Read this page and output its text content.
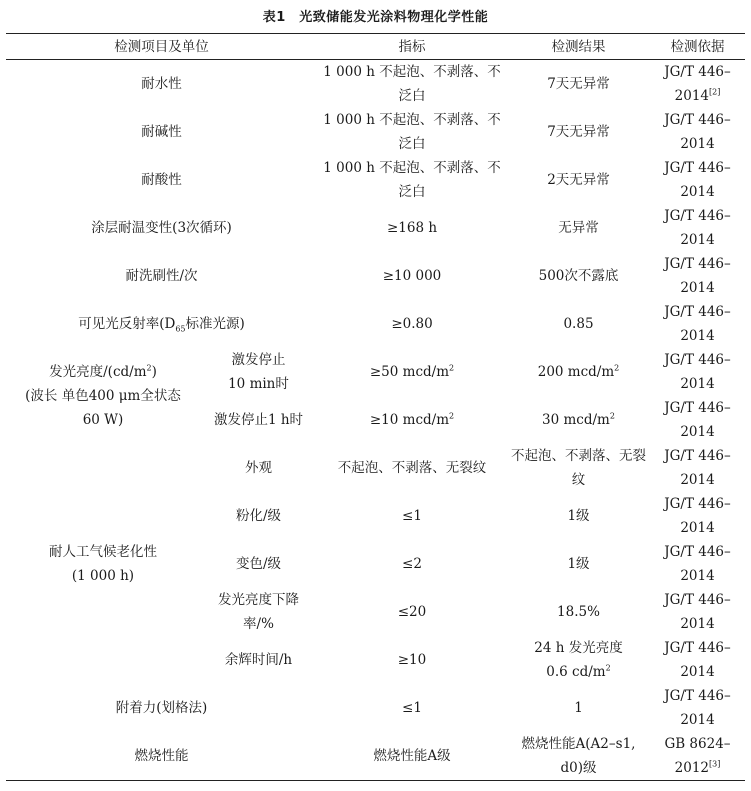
表1　光致储能发光涂料物理化学性能
检测项目及单位		指标	检测结果	检测依据
耐水性		1 000 h 不起泡、不剥落、不
泛白	7天无异常	JG/T 446–
2014[2]
耐碱性		1 000 h 不起泡、不剥落、不
泛白	7天无异常	JG/T 446–
2014
耐酸性		1 000 h 不起泡、不剥落、不
泛白	2天无异常	JG/T 446–
2014
涂层耐温变性(3次循环)		≥168 h	无异常	JG/T 446–
2014
耐洗刷性/次		≥10 000	500次不露底	JG/T 446–
2014
可见光反射率($D_{65}$标准光源)		≥0.80	0.85	JG/T 446–
2014
发光亮度$/(cd/m^2)$
(波长 单色400 μm全状态
60 W)	激发停止
10 min时	≥50 mcd/$m^2$	200 mcd/$m^2$	JG/T 446–
2014
	激发停止1 h时	≥10 mcd/$m^2$	30 mcd/$m^2$	JG/T 446–
2014
耐人工气候老化性
(1 000 h)	外观	不起泡、不剥落、无裂纹	不起泡、不剥落、无裂
纹	JG/T 446–
2014
	粉化/级	≤1	1级	JG/T 446–
2014
	变色/级	≤2	1级	JG/T 446–
2014
	发光亮度下降
率/%	≤20	18.5%	JG/T 446–
2014
	余辉时间/h	≥10	24 h 发光亮度
0.6 $cd/m^2$	JG/T 446–
2014
附着力(划格法)		≤1	1	JG/T 446–
2014
燃烧性能		燃烧性能A级	燃烧性能A(A2–s1,
d0)级	GB 8624–
2012[3]
